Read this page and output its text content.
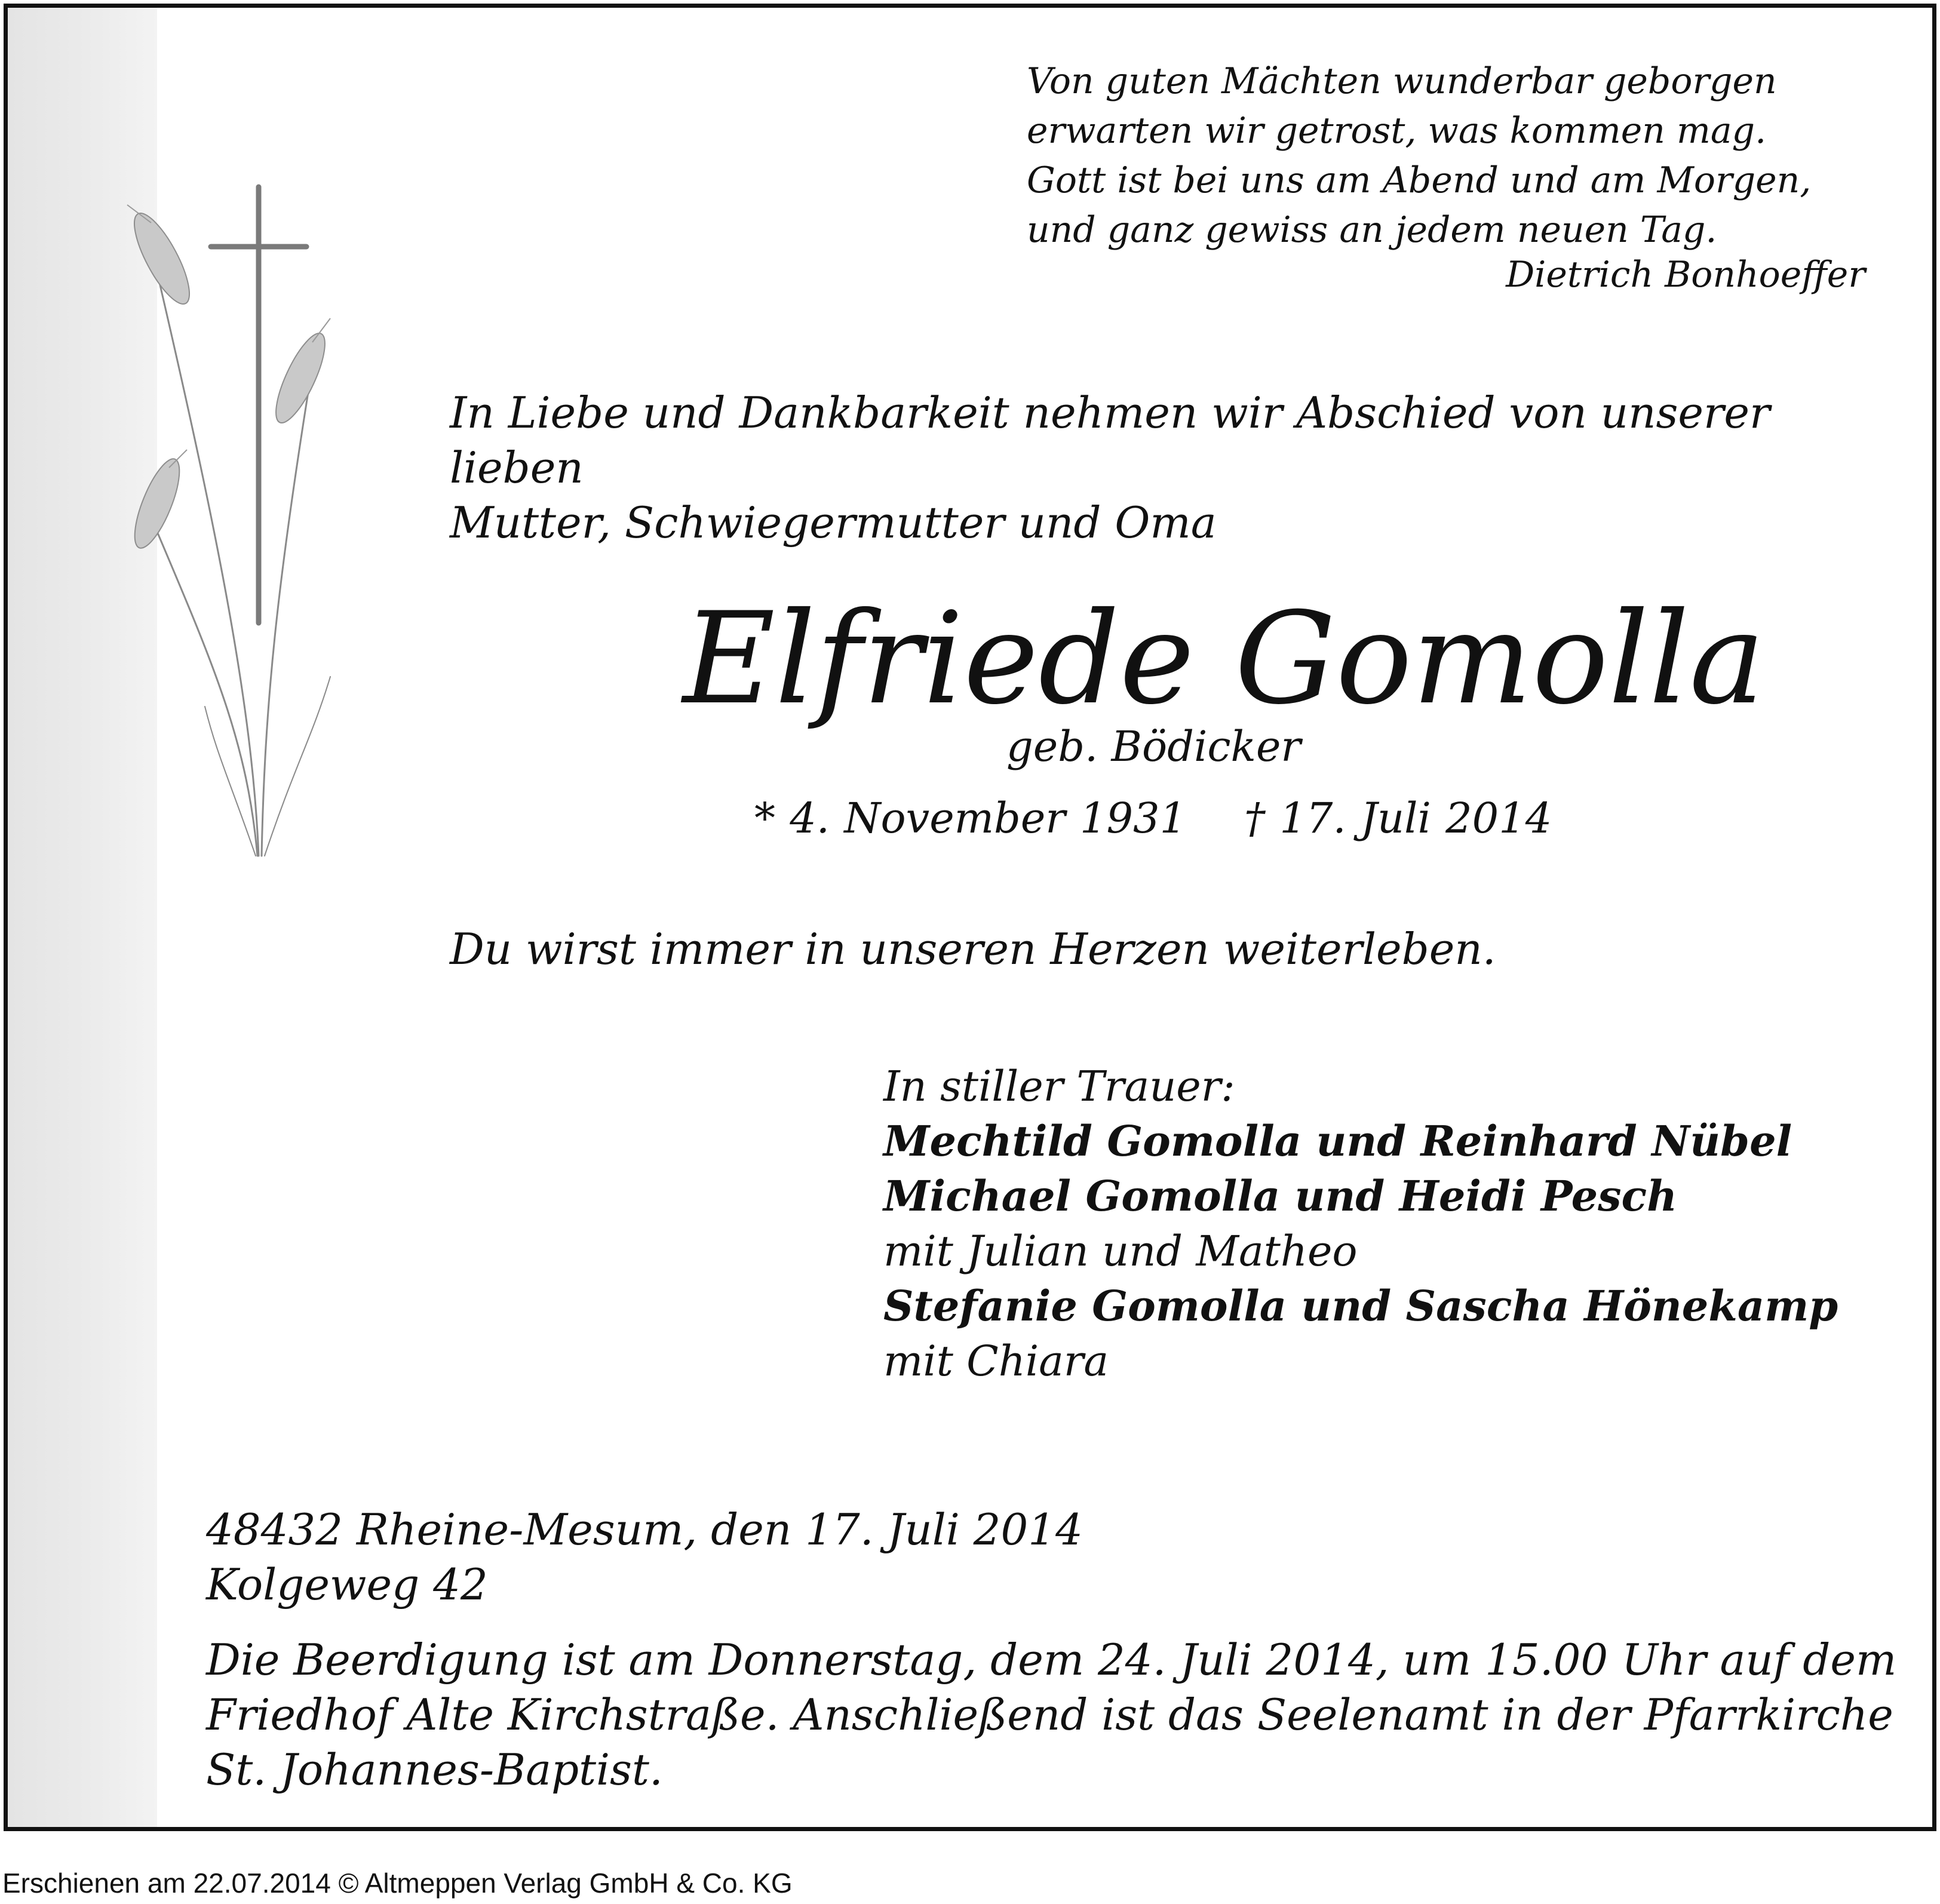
Von guten Mächten wunderbar geborgen
erwarten wir getrost, was kommen mag.
Gott ist bei uns am Abend und am Morgen,
und ganz gewiss an jedem neuen Tag.
Dietrich Bonhoeffer
In Liebe und Dankbarkeit nehmen wir Abschied von unserer lieben
Mutter, Schwiegermutter und Oma
Elfriede Gomolla
geb. Bödicker
* 4. November 1931    † 17. Juli 2014
Du wirst immer in unseren Herzen weiterleben.
In stiller Trauer:
Mechtild Gomolla und Reinhard Nübel
Michael Gomolla und Heidi Pesch
mit Julian und Matheo
Stefanie Gomolla und Sascha Hönekamp
mit Chiara
48432 Rheine-Mesum, den 17. Juli 2014
Kolgeweg 42
Die Beerdigung ist am Donnerstag, dem 24. Juli 2014, um 15.00 Uhr auf dem
Friedhof Alte Kirchstraße. Anschließend ist das Seelenamt in der Pfarrkirche
St. Johannes-Baptist.
Erschienen am 22.07.2014 © Altmeppen Verlag GmbH & Co. KG
